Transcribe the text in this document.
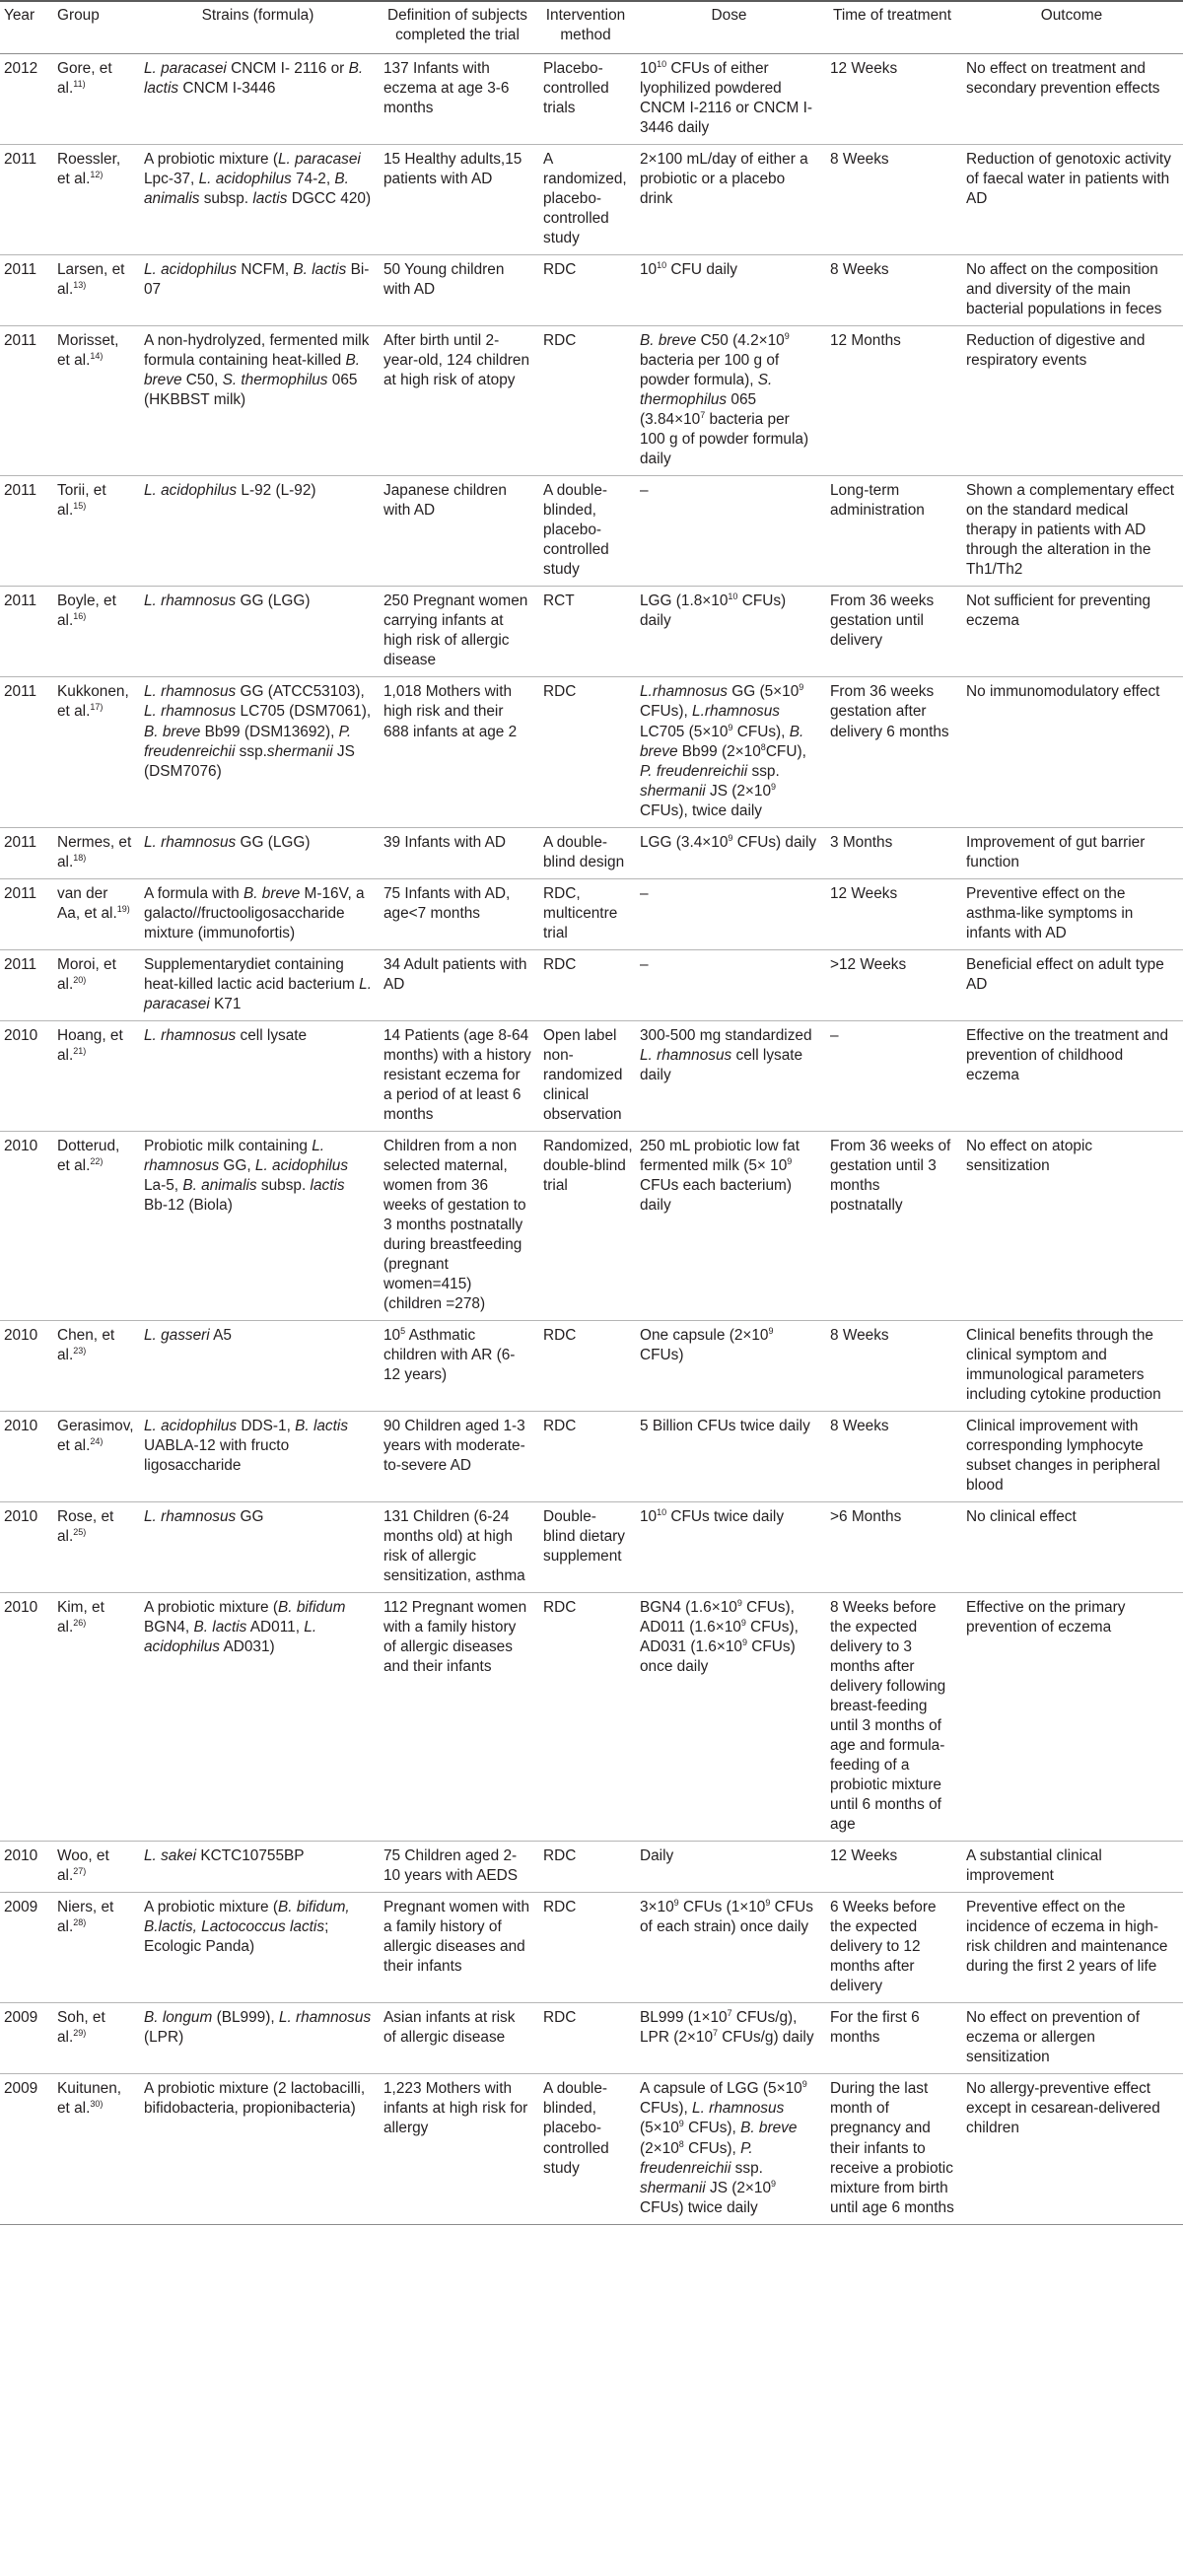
Year	Group	Strains (formula)	Definition of subjects completed the trial	Intervention method	Dose	Time of treatment	Outcome
2012	Gore, et al.$^{11)}$	L. paracasei CNCM I- 2116 or B. lactis CNCM I-3446	137 Infants with eczema at age 3-6 months	Placebo-controlled trials	$10^{10}$ CFUs of either lyophilized powdered CNCM I-2116 or CNCM I-3446 daily	12 Weeks	No effect on treatment and secondary prevention effects
2011	Roessler, et al.$^{12)}$	A probiotic mixture (L. paracasei Lpc-37, L. acidophilus 74-2, B. animalis subsp. lactis DGCC 420)	15 Healthy adults,15 patients with AD	A randomized, placebo-controlled study	2×100 mL/day of either a probiotic or a placebo drink	8 Weeks	Reduction of genotoxic activity of faecal water in patients with AD
2011	Larsen, et al.$^{13)}$	L. acidophilus NCFM, B. lactis Bi-07	50 Young children with AD	RDC	$10^{10}$ CFU daily	8 Weeks	No affect on the composition and diversity of the main bacterial populations in feces
2011	Morisset, et al.$^{14)}$	A non-hydrolyzed, fermented milk formula containing heat-killed B. breve C50, S. thermophilus 065 (HKBBST milk)	After birth until 2-year-old, 124 children at high risk of atopy	RDC	B. breve C50 ($4.2\times 10^9$ bacteria per 100 g of powder formula), S. thermophilus 065 ($3.84\times 10^7$ bacteria per 100 g of powder formula) daily	12 Months	Reduction of digestive and respiratory events
2011	Torii, et al.$^{15)}$	L. acidophilus L-92 (L-92)	Japanese children with AD	A double-blinded, placebo-controlled study	–	Long-term administration	Shown a complementary effect on the standard medical therapy in patients with AD through the alteration in the Th1/Th2
2011	Boyle, et al.$^{16)}$	L. rhamnosus GG (LGG)	250 Pregnant women carrying infants at high risk of allergic disease	RCT	LGG ($1.8\times 10^{10}$ CFUs) daily	From 36 weeks gestation until delivery	Not sufficient for preventing eczema
2011	Kukkonen, et al.$^{17)}$	L. rhamnosus GG (ATCC53103), L. rhamnosus LC705 (DSM7061), B. breve Bb99 (DSM13692), P. freudenreichii ssp.shermanii JS (DSM7076)	1,018 Mothers with high risk and their 688 infants at age 2	RDC	L.rhamnosus GG ($5\times 10^9$ CFUs), L.rhamnosus LC705 ($5\times 10^9$ CFUs), B. breve Bb99 $(2\times 10^8CFU)$, P. freudenreichii ssp. shermanii JS ($2\times 10^9$ CFUs), twice daily	From 36 weeks gestation after delivery 6 months	No immunomodulatory effect
2011	Nermes, et al.$^{18)}$	L. rhamnosus GG (LGG)	39 Infants with AD	A double-blind design	LGG ($3.4\times 10^9$ CFUs) daily	3 Months	Improvement of gut barrier function
2011	van der Aa, et al.$^{19)}$	A formula with B. breve M-16V, a galacto//fructooligosaccharide mixture (immunofortis)	75 Infants with AD, age<7 months	RDC, multicentre trial	–	12 Weeks	Preventive effect on the asthma-like symptoms in infants with AD
2011	Moroi, et al.$^{20)}$	Supplementarydiet containing heat-killed lactic acid bacterium L. paracasei K71	34 Adult patients with AD	RDC	–	>12 Weeks	Beneficial effect on adult type AD
2010	Hoang, et al.$^{21)}$	L. rhamnosus cell lysate	14 Patients (age 8-64 months) with a history resistant eczema for a period of at least 6 months	Open label non-randomized clinical observation	300-500 mg standardized L. rhamnosus cell lysate daily	–	Effective on the treatment and prevention of childhood eczema
2010	Dotterud, et al.$^{22)}$	Probiotic milk containing L. rhamnosus GG, L. acidophilus La-5, B. animalis subsp. lactis Bb-12 (Biola)	Children from a non selected maternal, women from 36 weeks of gestation to 3 months postnatally during breastfeeding (pregnant women=415) (children =278)	Randomized, double-blind trial	250 mL probiotic low fat fermented milk ($5\times 10^9$ CFUs each bacterium) daily	From 36 weeks of gestation until 3 months postnatally	No effect on atopic sensitization
2010	Chen, et al.$^{23)}$	L. gasseri A5	$10^5$ Asthmatic children with AR (6-12 years)	RDC	One capsule ($2\times 10^9$ CFUs)	8 Weeks	Clinical benefits through the clinical symptom and immunological parameters including cytokine production
2010	Gerasimov, et al.$^{24)}$	L. acidophilus DDS-1, B. lactis UABLA-12 with fructo ligosaccharide	90 Children aged 1-3 years with moderate-to-severe AD	RDC	5 Billion CFUs twice daily	8 Weeks	Clinical improvement with corresponding lymphocyte subset changes in peripheral blood
2010	Rose, et al.$^{25)}$	L. rhamnosus GG	131 Children (6-24 months old) at high risk of allergic sensitization, asthma	Double-blind dietary supplement	$10^{10}$ CFUs twice daily	>6 Months	No clinical effect
2010	Kim, et al.$^{26)}$	A probiotic mixture (B. bifidum BGN4, B. lactis AD011, L. acidophilus AD031)	112 Pregnant women with a family history of allergic diseases and their infants	RDC	BGN4 ($1.6\times 10^9$ CFUs), AD011 ($1.6\times 10^9$ CFUs), AD031 ($1.6\times 10^9$ CFUs) once daily	8 Weeks before the expected delivery to 3 months after delivery following breast-feeding until 3 months of age and formula-feeding of a probiotic mixture until 6 months of age	Effective on the primary prevention of eczema
2010	Woo, et al.$^{27)}$	L. sakei KCTC10755BP	75 Children aged 2-10 years with AEDS	RDC	Daily	12 Weeks	A substantial clinical improvement
2009	Niers, et al.$^{28)}$	A probiotic mixture (B. bifidum, B.lactis, Lactococcus lactis; Ecologic Panda)	Pregnant women with a family history of allergic diseases and their infants	RDC	$3\times 10^9$ CFUs ($1\times 10^9$ CFUs of each strain) once daily	6 Weeks before the expected delivery to 12 months after delivery	Preventive effect on the incidence of eczema in high-risk children and maintenance during the first 2 years of life
2009	Soh, et al.$^{29)}$	B. longum (BL999), L. rhamnosus (LPR)	Asian infants at risk of allergic disease	RDC	BL999 ($1\times 10^7$ CFUs/g), LPR ($2\times 10^7$ CFUs/g) daily	For the first 6 months	No effect on prevention of eczema or allergen sensitization
2009	Kuitunen, et al.$^{30)}$	A probiotic mixture (2 lactobacilli, bifidobacteria, propionibacteria)	1,223 Mothers with infants at high risk for allergy	A double-blinded, placebo-controlled study	A capsule of LGG ($5\times 10^9$ CFUs), L. rhamnosus ($5\times 10^9$ CFUs), B. breve ($2\times 10^8$ CFUs), P. freudenreichii ssp. shermanii JS ($2\times 10^9$ CFUs) twice daily	During the last month of pregnancy and their infants to receive a probiotic mixture from birth until age 6 months	No allergy-preventive effect except in cesarean-delivered children
